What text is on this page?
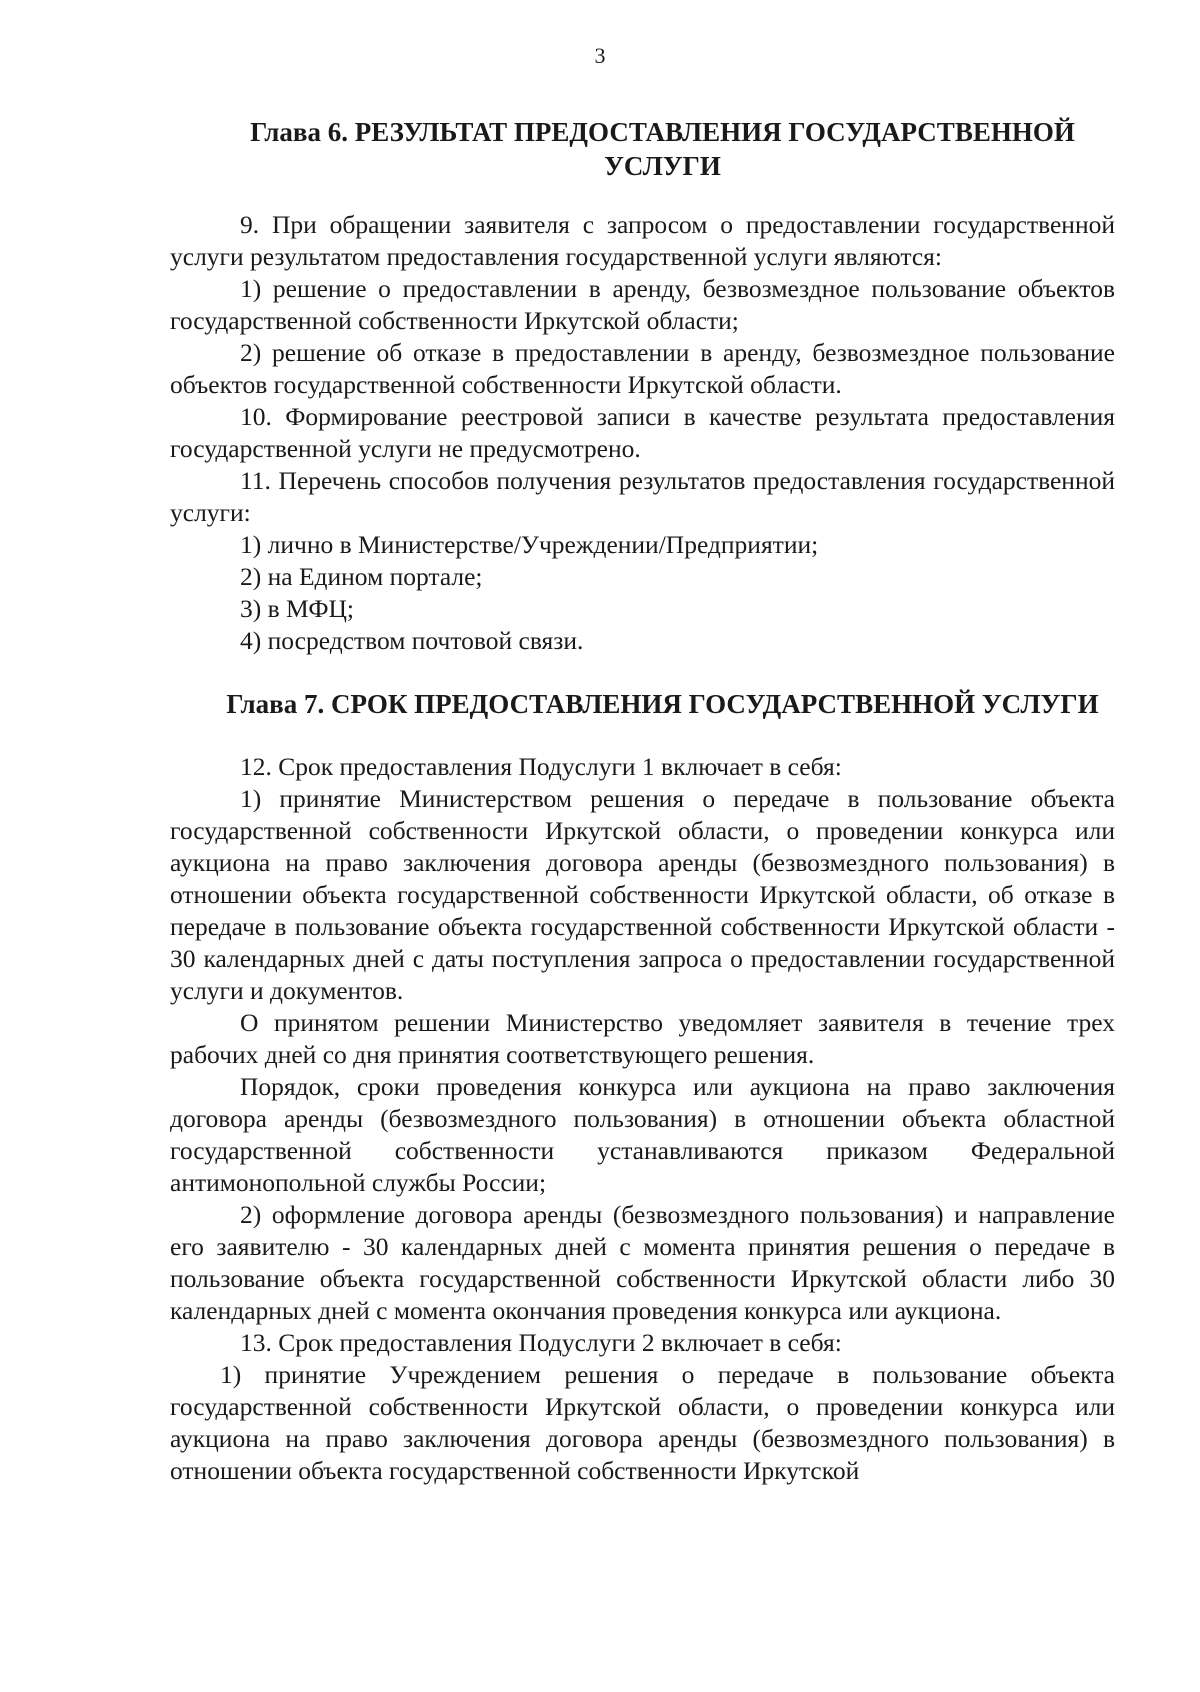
3
Глава 6. РЕЗУЛЬТАТ ПРЕДОСТАВЛЕНИЯ ГОСУДАРСТВЕННОЙ УСЛУГИ

9. При обращении заявителя с запросом о предоставлении государственной услуги результатом предоставления государственной услуги являются:

1) решение о предоставлении в аренду, безвозмездное пользование объектов государственной собственности Иркутской области;

2) решение об отказе в предоставлении в аренду, безвозмездное пользование объектов государственной собственности Иркутской области.

10. Формирование реестровой записи в качестве результата предоставления государственной услуги не предусмотрено.

11. Перечень способов получения результатов предоставления государственной услуги:

1) лично в Министерстве/Учреждении/Предприятии;

2) на Едином портале;

3) в МФЦ;

4) посредством почтовой связи.

Глава 7. СРОК ПРЕДОСТАВЛЕНИЯ ГОСУДАРСТВЕННОЙ УСЛУГИ

12. Срок предоставления Подуслуги 1 включает в себя:

1) принятие Министерством решения о передаче в пользование объекта государственной собственности Иркутской области, о проведении конкурса или аукциона на право заключения договора аренды (безвозмездного пользования) в отношении объекта государственной собственности Иркутской области, об отказе в передаче в пользование объекта государственной собственности Иркутской области - 30 календарных дней с даты поступления запроса о предоставлении государственной услуги и документов.

О принятом решении Министерство уведомляет заявителя в течение трех рабочих дней со дня принятия соответствующего решения.

Порядок, сроки проведения конкурса или аукциона на право заключения договора аренды (безвозмездного пользования) в отношении объекта областной государственной собственности устанавливаются приказом Федеральной антимонопольной службы России;

2) оформление договора аренды (безвозмездного пользования) и направление его заявителю - 30 календарных дней с момента принятия решения о передаче в пользование объекта государственной собственности Иркутской области либо 30 календарных дней с момента окончания проведения конкурса или аукциона.

13. Срок предоставления Подуслуги 2 включает в себя:

1) принятие Учреждением решения о передаче в пользование объекта государственной собственности Иркутской области, о проведении конкурса или аукциона на право заключения договора аренды (безвозмездного пользования) в отношении объекта государственной собственности Иркутской
